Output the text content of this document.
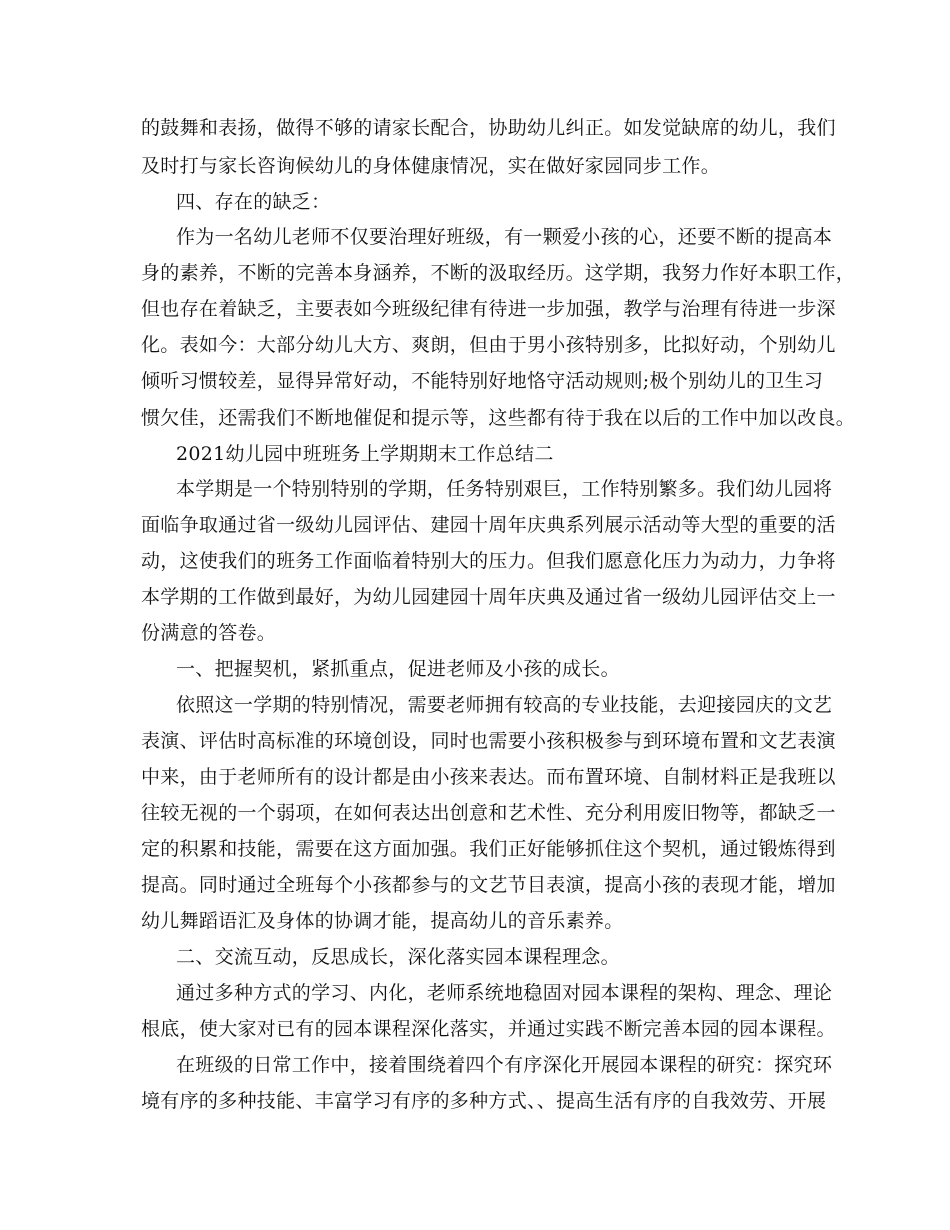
的鼓舞和表扬，做得不够的请家长配合，协助幼儿纠正。如发觉缺席的幼儿，我们
及时打与家长咨询候幼儿的身体健康情况，实在做好家园同步工作。
四、存在的缺乏：
作为一名幼儿老师不仅要治理好班级，有一颗爱小孩的心，还要不断的提高本
身的素养，不断的完善本身涵养，不断的汲取经历。这学期，我努力作好本职工作，
但也存在着缺乏，主要表如今班级纪律有待进一步加强，教学与治理有待进一步深
化。表如今：大部分幼儿大方、爽朗，但由于男小孩特别多，比拟好动，个别幼儿
倾听习惯较差，显得异常好动，不能特别好地恪守活动规则;极个别幼儿的卫生习
惯欠佳，还需我们不断地催促和提示等，这些都有待于我在以后的工作中加以改良。
2021幼儿园中班班务上学期期末工作总结二
本学期是一个特别特别的学期，任务特别艰巨，工作特别繁多。我们幼儿园将
面临争取通过省一级幼儿园评估、建园十周年庆典系列展示活动等大型的重要的活
动，这使我们的班务工作面临着特别大的压力。但我们愿意化压力为动力，力争将
本学期的工作做到最好，为幼儿园建园十周年庆典及通过省一级幼儿园评估交上一
份满意的答卷。
一、把握契机，紧抓重点，促进老师及小孩的成长。
依照这一学期的特别情况，需要老师拥有较高的专业技能，去迎接园庆的文艺
表演、评估时高标准的环境创设，同时也需要小孩积极参与到环境布置和文艺表演
中来，由于老师所有的设计都是由小孩来表达。而布置环境、自制材料正是我班以
往较无视的一个弱项，在如何表达出创意和艺术性、充分利用废旧物等，都缺乏一
定的积累和技能，需要在这方面加强。我们正好能够抓住这个契机，通过锻炼得到
提高。同时通过全班每个小孩都参与的文艺节目表演，提高小孩的表现才能，增加
幼儿舞蹈语汇及身体的协调才能，提高幼儿的音乐素养。
二、交流互动，反思成长，深化落实园本课程理念。
通过多种方式的学习、内化，老师系统地稳固对园本课程的架构、理念、理论
根底，使大家对已有的园本课程深化落实，并通过实践不断完善本园的园本课程。
在班级的日常工作中，接着围绕着四个有序深化开展园本课程的研究：探究环
境有序的多种技能、丰富学习有序的多种方式、、提高生活有序的自我效劳、开展
